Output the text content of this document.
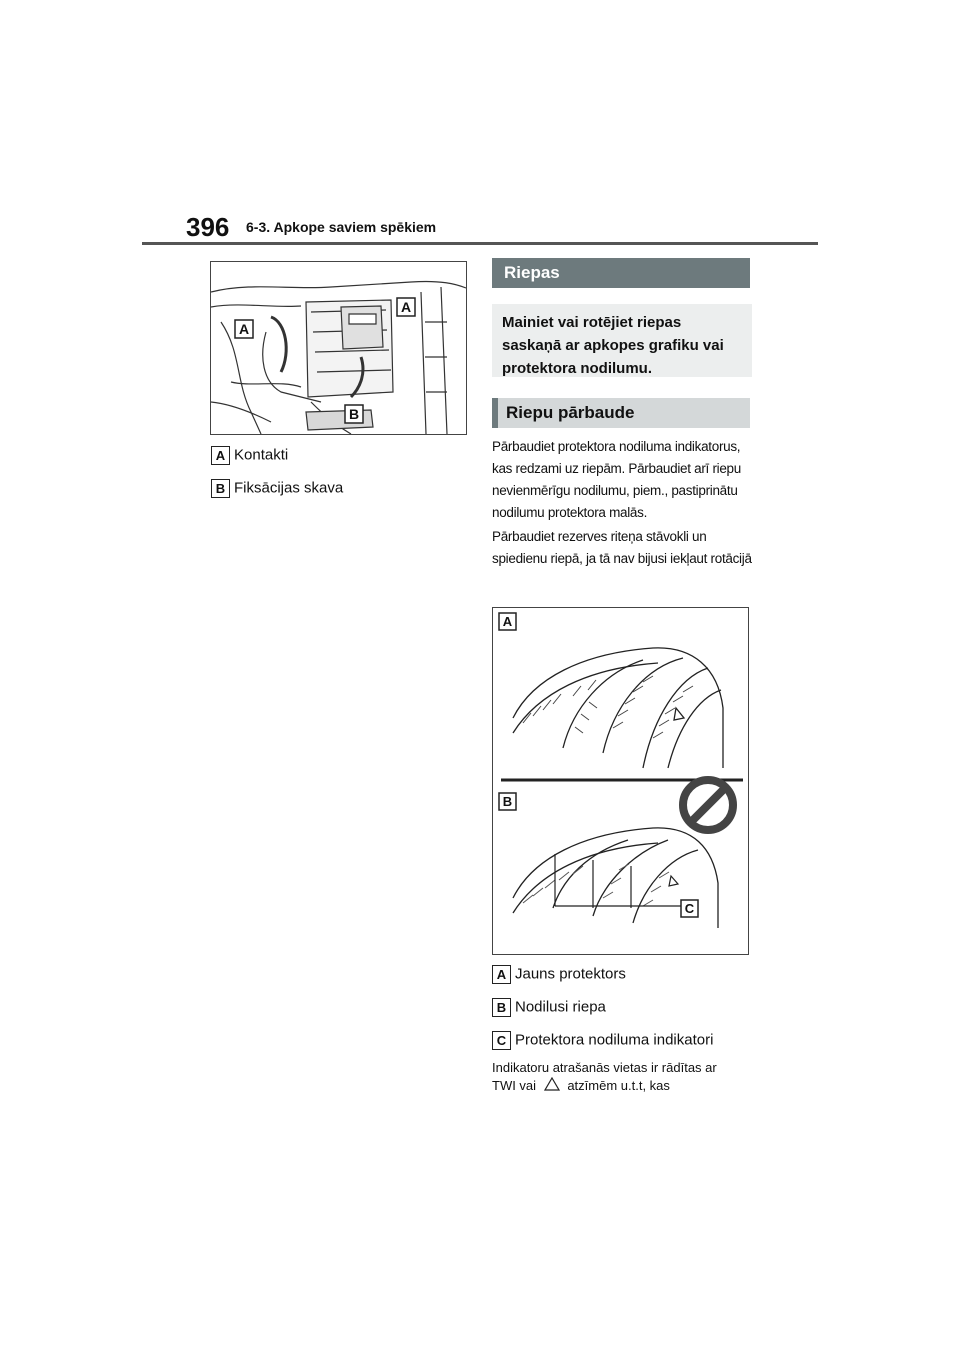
396 6-3. Apkope saviem spēkiem
A
A
B
A Kontakti
B Fiksācijas skava
Riepas
Mainiet vai rotējiet riepas saskaņā ar apkopes grafiku vai protektora nodilumu.
Riepu pārbaude
Pārbaudiet protektora nodiluma indikatorus, kas redzami uz riepām. Pārbaudiet arī riepu nevienmērīgu nodilumu, piem., pastiprinātu nodilumu protektora malās.
Pārbaudiet rezerves riteņa stāvokli un spiedienu riepā, ja tā nav bijusi iekļaut rotācijā
A
B
C
A Jauns protektors
B Nodilusi riepa
C Protektora nodiluma indikatori
Indikatoru atrašanās vietas ir rādītas ar
TWI vai atzīmēm u.t.t, kas
